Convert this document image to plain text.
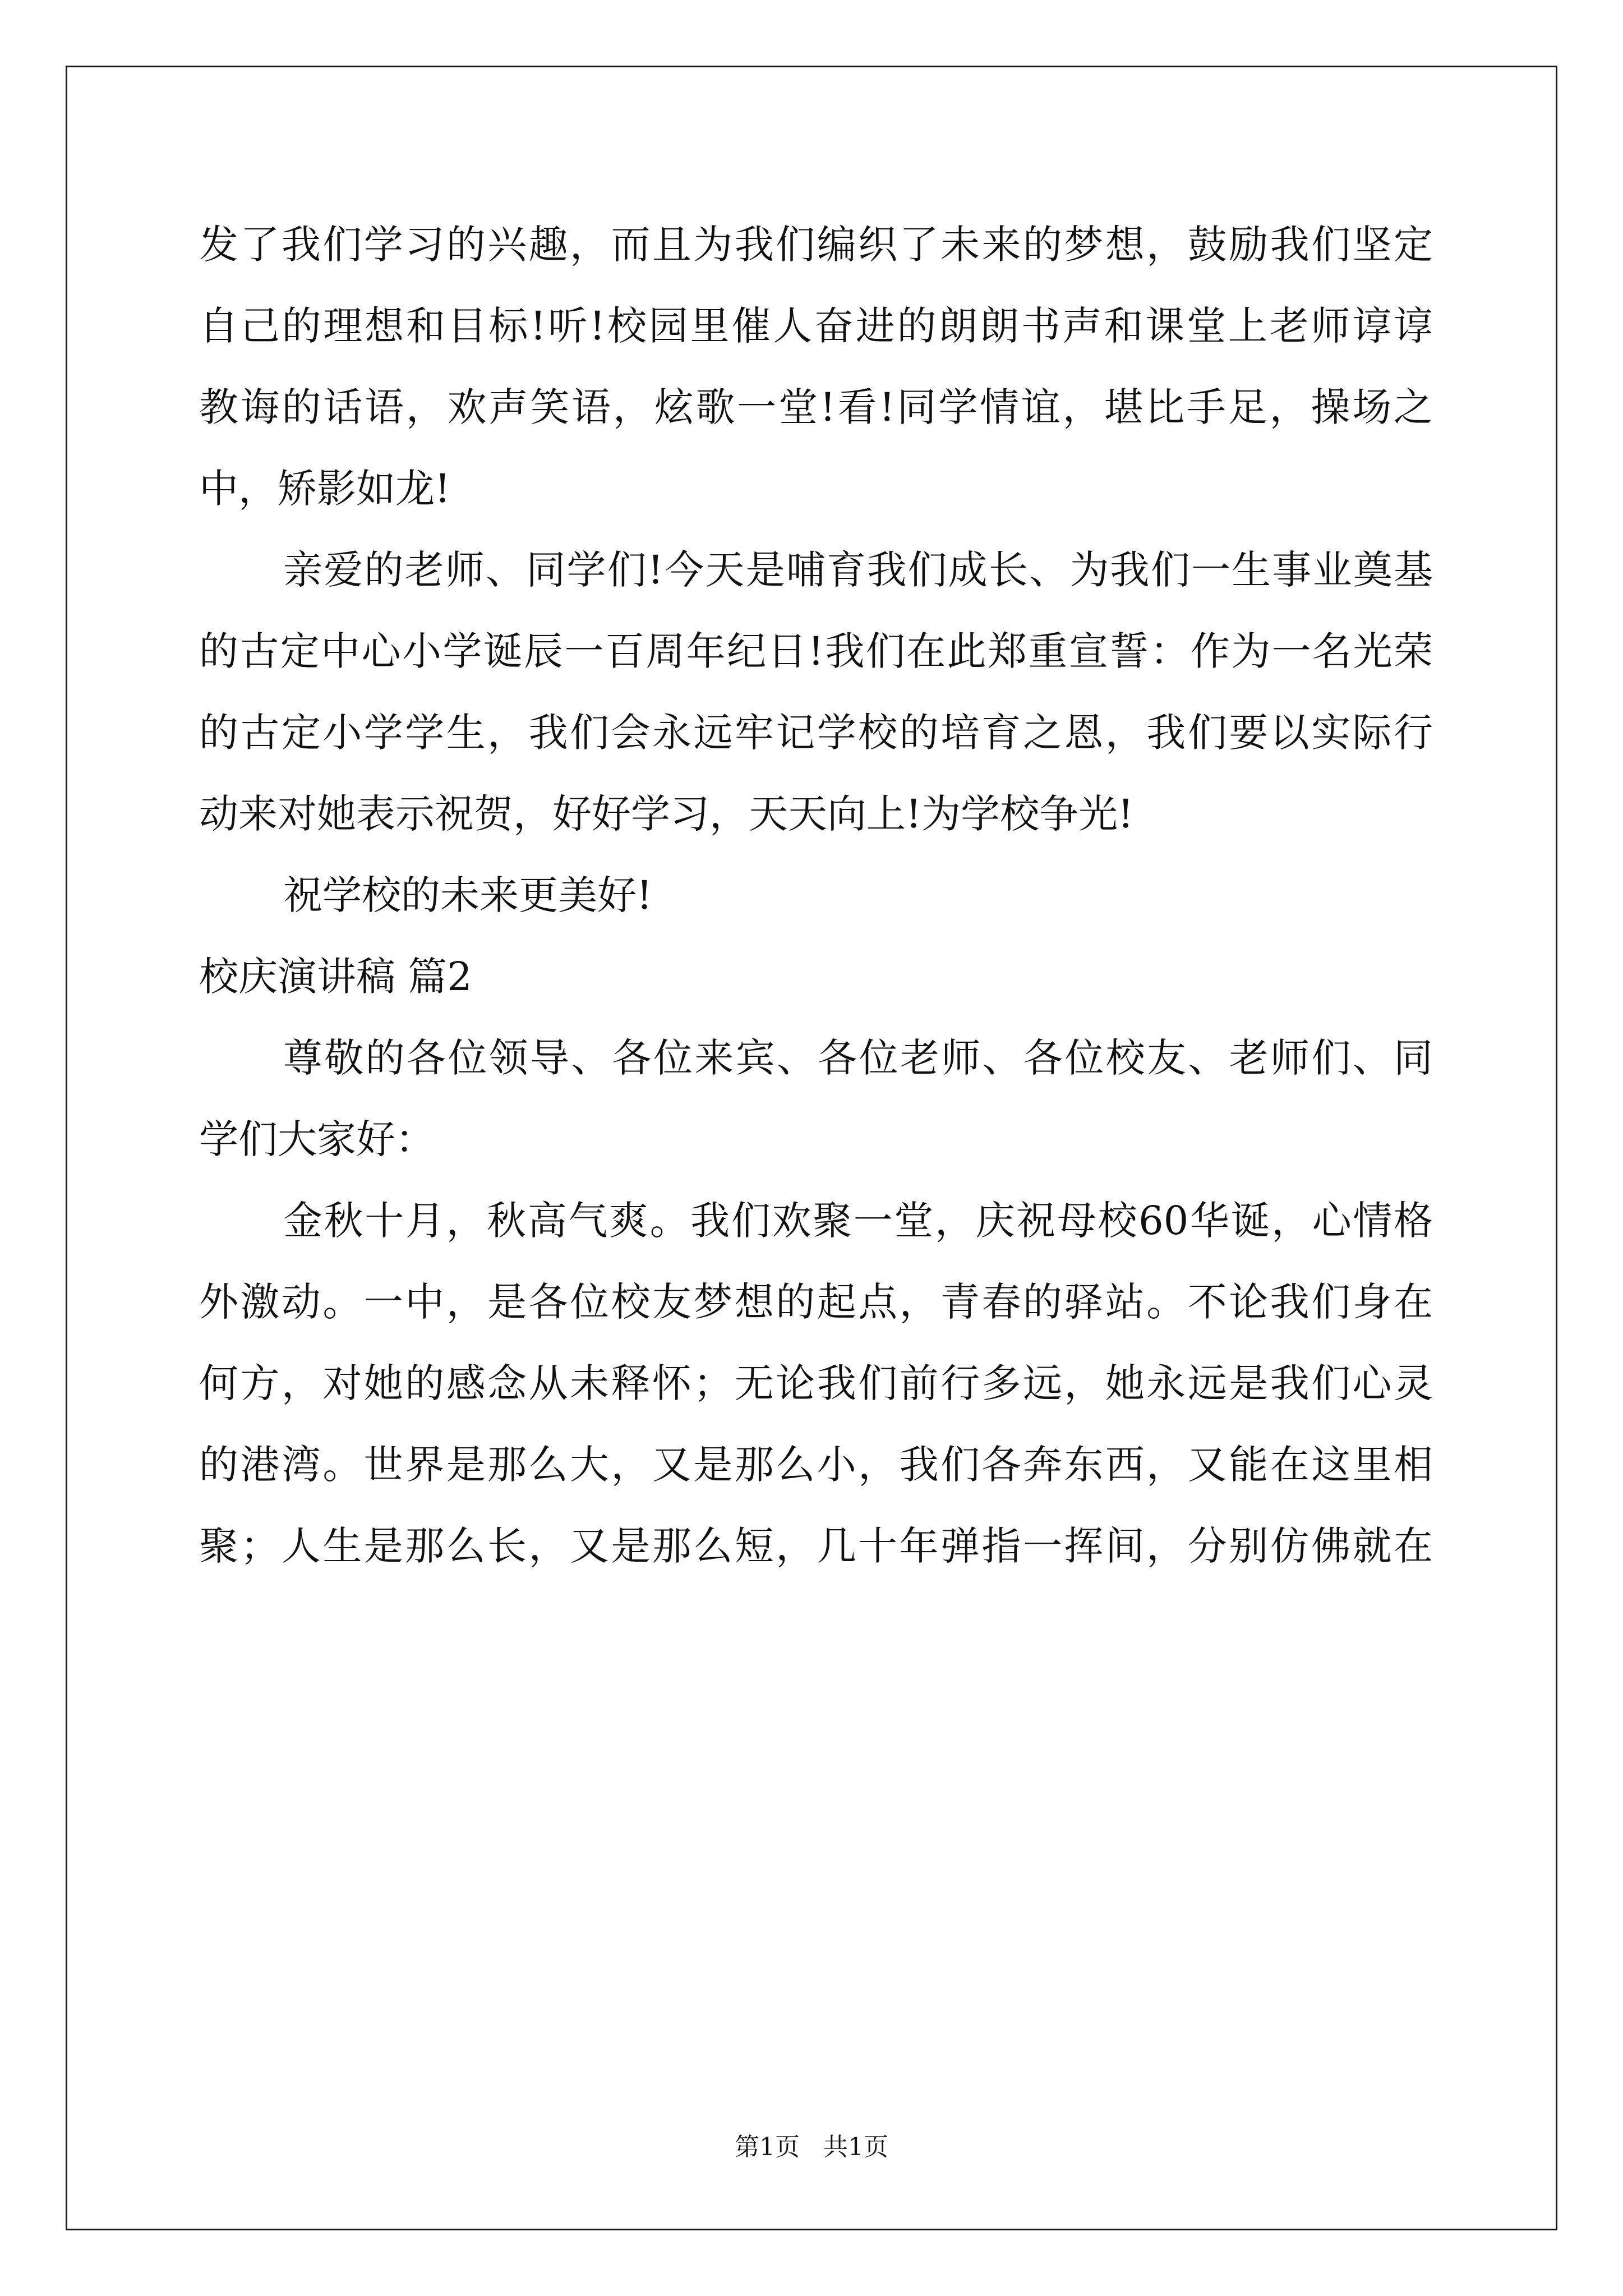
发了我们学习的兴趣，而且为我们编织了未来的梦想，鼓励我们坚定
自己的理想和目标!听!校园里催人奋进的朗朗书声和课堂上老师谆谆
教诲的话语，欢声笑语，炫歌一堂!看!同学情谊，堪比手足，操场之
中，矫影如龙!
亲爱的老师、同学们!今天是哺育我们成长、为我们一生事业奠基
的古定中心小学诞辰一百周年纪日!我们在此郑重宣誓：作为一名光荣
的古定小学学生，我们会永远牢记学校的培育之恩，我们要以实际行
动来对她表示祝贺，好好学习，天天向上!为学校争光!
祝学校的未来更美好!
校庆演讲稿 篇2
尊敬的各位领导、各位来宾、各位老师、各位校友、老师们、同
学们大家好：
金秋十月，秋高气爽。我们欢聚一堂，庆祝母校60华诞，心情格
外激动。一中，是各位校友梦想的起点，青春的驿站。不论我们身在
何方，对她的感念从未释怀；无论我们前行多远，她永远是我们心灵
的港湾。世界是那么大，又是那么小，我们各奔东西，又能在这里相
聚；人生是那么长，又是那么短，几十年弹指一挥间，分别仿佛就在
第1页   共1页
